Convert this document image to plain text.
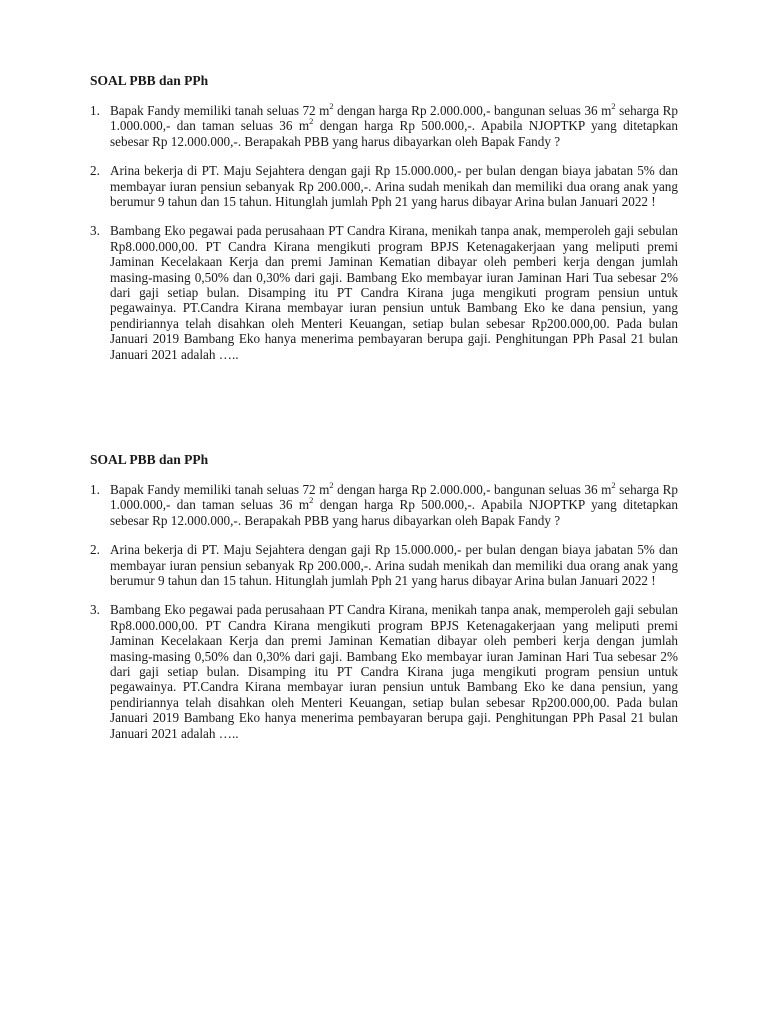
SOAL PBB dan PPh
1. Bapak Fandy memiliki tanah seluas 72 $m^2$ dengan harga Rp 2.000.000,- bangunan seluas 36 $m^2$ seharga Rp 1.000.000,- dan taman seluas 36 $m^2$ dengan harga Rp 500.000,-. Apabila NJOPTKP yang ditetapkan sebesar Rp 12.000.000,-. Berapakah PBB yang harus dibayarkan oleh Bapak Fandy ?
2. Arina bekerja di PT. Maju Sejahtera dengan gaji Rp 15.000.000,- per bulan dengan biaya jabatan 5% dan membayar iuran pensiun sebanyak Rp 200.000,-. Arina sudah menikah dan memiliki dua orang anak yang berumur 9 tahun dan 15 tahun. Hitunglah jumlah Pph 21 yang harus dibayar Arina bulan Januari 2022 !
3. Bambang Eko pegawai pada perusahaan PT Candra Kirana, menikah tanpa anak, memperoleh gaji sebulan Rp8.000.000,00. PT Candra Kirana mengikuti program BPJS Ketenagakerjaan yang meliputi premi Jaminan Kecelakaan Kerja dan premi Jaminan Kematian dibayar oleh pemberi kerja dengan jumlah masing-masing 0,50% dan 0,30% dari gaji. Bambang Eko membayar iuran Jaminan Hari Tua sebesar 2% dari gaji setiap bulan. Disamping itu PT Candra Kirana juga mengikuti program pensiun untuk pegawainya. PT.Candra Kirana membayar iuran pensiun untuk Bambang Eko ke dana pensiun, yang pendiriannya telah disahkan oleh Menteri Keuangan, setiap bulan sebesar Rp200.000,00. Pada bulan Januari 2019 Bambang Eko hanya menerima pembayaran berupa gaji. Penghitungan PPh Pasal 21 bulan Januari 2021 adalah …..
SOAL PBB dan PPh
1. Bapak Fandy memiliki tanah seluas 72 $m^2$ dengan harga Rp 2.000.000,- bangunan seluas 36 $m^2$ seharga Rp 1.000.000,- dan taman seluas 36 $m^2$ dengan harga Rp 500.000,-. Apabila NJOPTKP yang ditetapkan sebesar Rp 12.000.000,-. Berapakah PBB yang harus dibayarkan oleh Bapak Fandy ?
2. Arina bekerja di PT. Maju Sejahtera dengan gaji Rp 15.000.000,- per bulan dengan biaya jabatan 5% dan membayar iuran pensiun sebanyak Rp 200.000,-. Arina sudah menikah dan memiliki dua orang anak yang berumur 9 tahun dan 15 tahun. Hitunglah jumlah Pph 21 yang harus dibayar Arina bulan Januari 2022 !
3. Bambang Eko pegawai pada perusahaan PT Candra Kirana, menikah tanpa anak, memperoleh gaji sebulan Rp8.000.000,00. PT Candra Kirana mengikuti program BPJS Ketenagakerjaan yang meliputi premi Jaminan Kecelakaan Kerja dan premi Jaminan Kematian dibayar oleh pemberi kerja dengan jumlah masing-masing 0,50% dan 0,30% dari gaji. Bambang Eko membayar iuran Jaminan Hari Tua sebesar 2% dari gaji setiap bulan. Disamping itu PT Candra Kirana juga mengikuti program pensiun untuk pegawainya. PT.Candra Kirana membayar iuran pensiun untuk Bambang Eko ke dana pensiun, yang pendiriannya telah disahkan oleh Menteri Keuangan, setiap bulan sebesar Rp200.000,00. Pada bulan Januari 2019 Bambang Eko hanya menerima pembayaran berupa gaji. Penghitungan PPh Pasal 21 bulan Januari 2021 adalah …..
